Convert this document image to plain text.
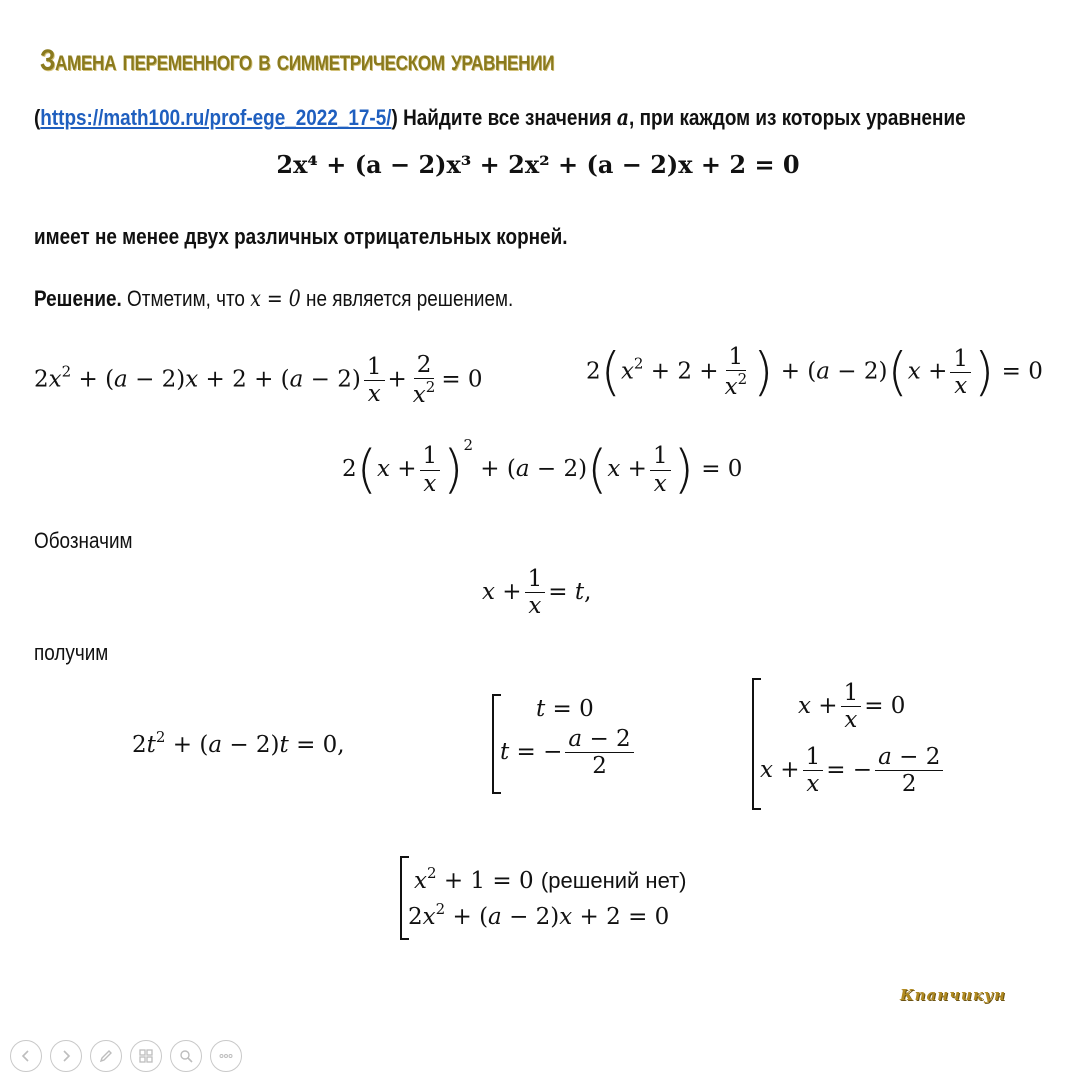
Замена переменного в симметрическом уравнении
(https://math100.ru/prof-ege_2022_17-5/) Найдите все значения a, при каждом из которых уравнение
2x⁴ + (a − 2)x³ + 2x² + (a − 2)x + 2 = 0
имеет не менее двух различных отрицательных корней.
Решение. Отметим, что x = 0 не является решением.
$2x^2 + (a - 2)x + 2 + (a - 2) \frac{1}{x} + \frac{2}{x^2} = 0$	$2(x^2 + 2 + \frac{1}{x^2}$ ) + $(a - 2)(x + \frac{1}{x}$ ) = 0
$2(x + \frac{1}{x} )^2 + (a - 2)(x + \frac{1}{x}$ ) = 0
Обозначим
$x + \frac{1}{x} = t$,
получим
$2t^2 + (a - 2)t = 0$,
t = 0
t = − $\frac{a - 2}{2}$
$x + \frac{1}{x} = 0$
$x + \frac{1}{x}$ = − $\frac{a - 2}{2}$
$x^2 + 1 = 0$ (решений нет)
$2x^2 + (a - 2)x + 2 = 0$
Кпанчикун
